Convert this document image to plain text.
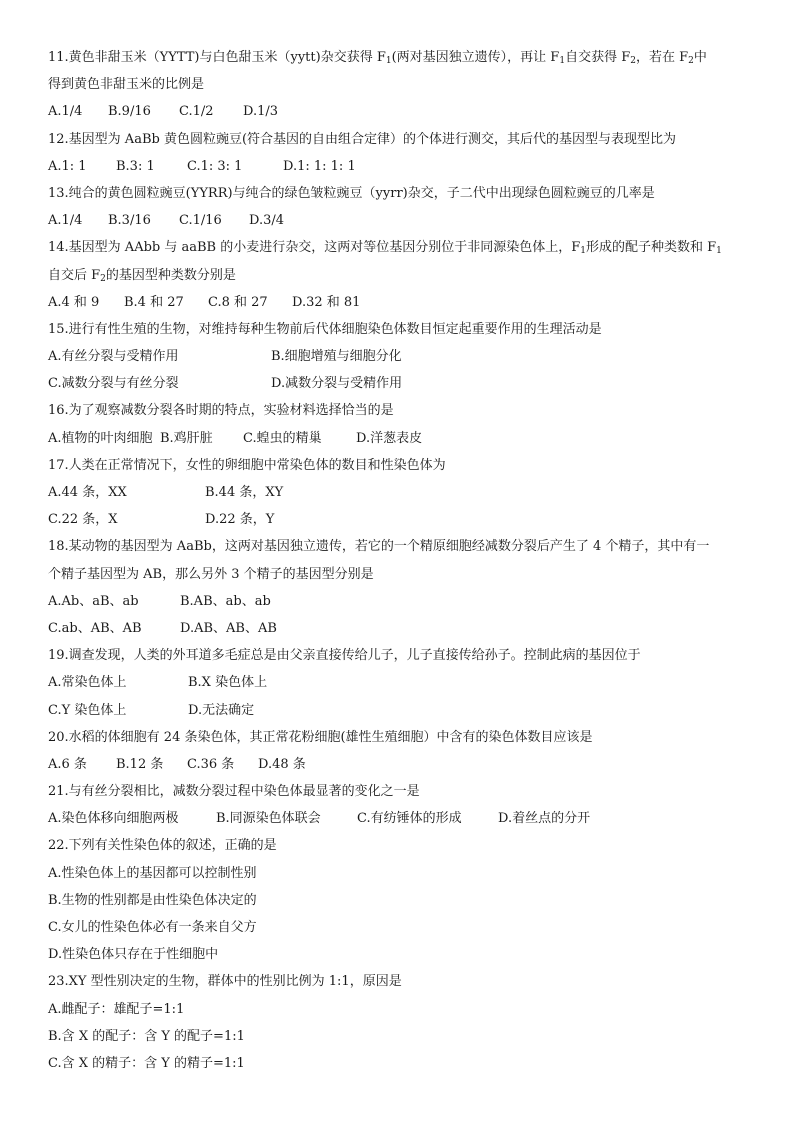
11.黄色非甜玉米（YYTT)与白色甜玉米（yytt)杂交获得 $F_1$(两对基因独立遗传），再让 $F_1$自交获得 $F_2$，若在 $F_2$中
得到黄色非甜玉米的比例是
A.1/4	B.9/16	C.1/2	D.1/3
12.基因型为 AaBb 黄色圆粒豌豆(符合基因的自由组合定律）的个体进行测交，其后代的基因型与表现型比为
A.1: 1	B.3: 1	C.1: 3: 1	D.1: 1: 1: 1
13.纯合的黄色圆粒豌豆(YYRR)与纯合的绿色皱粒豌豆（yyrr)杂交，子二代中出现绿色圆粒豌豆的几率是
A.1/4	B.3/16	C.1/16	D.3/4
14.基因型为 AAbb 与 aaBB 的小麦进行杂交，这两对等位基因分别位于非同源染色体上，$F_1$形成的配子种类数和 $F_1$
自交后 $F_2$的基因型种类数分别是
A.4 和 9	B.4 和 27	C.8 和 27	D.32 和 81
15.进行有性生殖的生物，对维持每种生物前后代体细胞染色体数目恒定起重要作用的生理活动是
A.有丝分裂与受精作用	B.细胞增殖与细胞分化
C.减数分裂与有丝分裂	D.减数分裂与受精作用
16.为了观察减数分裂各时期的特点，实验材料选择恰当的是
A.植物的叶肉细胞 B.鸡肝脏	C.蝗虫的精巢	D.洋葱表皮
17.人类在正常情况下，女性的卵细胞中常染色体的数目和性染色体为
A.44 条，XX	B.44 条，XY
C.22 条，X	D.22 条，Y
18.某动物的基因型为 AaBb，这两对基因独立遗传，若它的一个精原细胞经减数分裂后产生了 4 个精子，其中有一
个精子基因型为 AB，那么另外 3 个精子的基因型分别是
A.Ab、aB、ab	B.AB、ab、ab
C.ab、AB、AB	D.AB、AB、AB
19.调查发现，人类的外耳道多毛症总是由父亲直接传给儿子，儿子直接传给孙子。控制此病的基因位于
A.常染色体上	B.X 染色体上
C.Y 染色体上	D.无法确定
20.水稻的体细胞有 24 条染色体，其正常花粉细胞(雄性生殖细胞）中含有的染色体数目应该是
A.6 条	B.12 条	C.36 条	D.48 条
21.与有丝分裂相比，减数分裂过程中染色体最显著的变化之一是
A.染色体移向细胞两极	B.同源染色体联会	C.有纺锤体的形成	D.着丝点的分开
22.下列有关性染色体的叙述，正确的是
A.性染色体上的基因都可以控制性别
B.生物的性别都是由性染色体决定的
C.女儿的性染色体必有一条来自父方
D.性染色体只存在于性细胞中
23.XY 型性别决定的生物，群体中的性别比例为 1:1，原因是
A.雌配子：雄配子=1:1
B.含 X 的配子：含 Y 的配子=1:1
C.含 X 的精子：含 Y 的精子=1:1
